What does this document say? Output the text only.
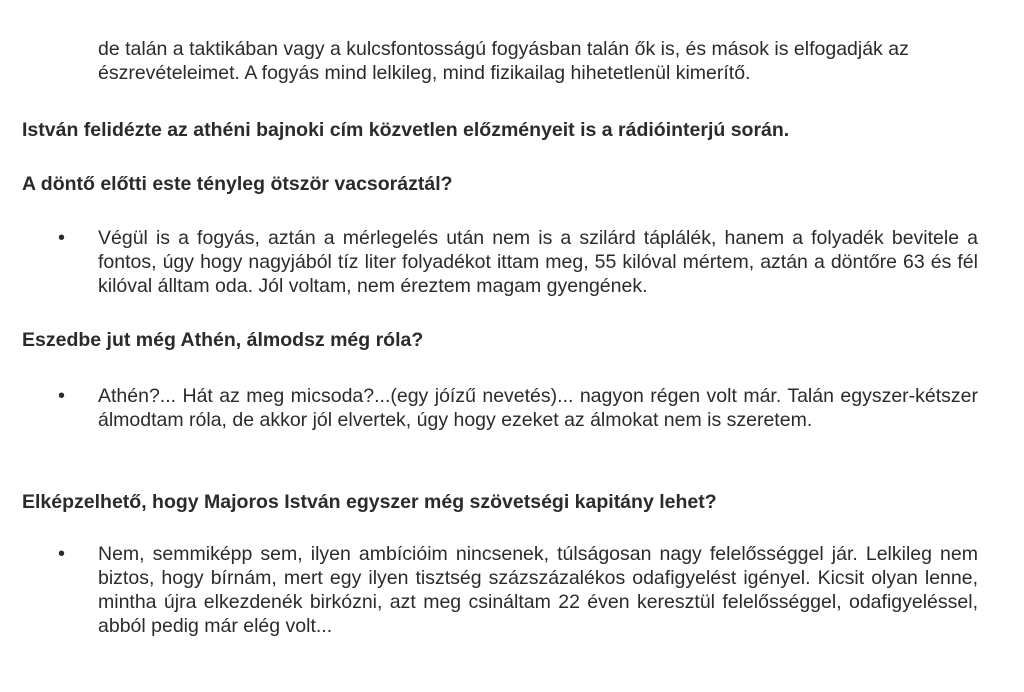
de talán a taktikában vagy a kulcsfontosságú fogyásban talán ők is, és mások is elfogadják az észrevételeimet. A fogyás mind lelkileg, mind fizikailag hihetetlenül kimerítő.
István felidézte az athéni bajnoki cím közvetlen előzményeit is a rádióinterjú során.
A döntő előtti este tényleg ötször vacsoráztál?
• Végül is a fogyás, aztán a mérlegelés után nem is a szilárd táplálék, hanem a folyadék bevitele a fontos, úgy hogy nagyjából tíz liter folyadékot ittam meg, 55 kilóval mértem, aztán a döntőre 63 és fél kilóval álltam oda. Jól voltam, nem éreztem magam gyengének.
Eszedbe jut még Athén, álmodsz még róla?
• Athén?... Hát az meg micsoda?...(egy jóízű nevetés)... nagyon régen volt már. Talán egyszer-kétszer álmodtam róla, de akkor jól elvertek, úgy hogy ezeket az álmokat nem is szeretem.
Elképzelhető, hogy Majoros István egyszer még szövetségi kapitány lehet?
• Nem, semmiképp sem, ilyen ambícióim nincsenek, túlságosan nagy felelősséggel jár. Lelkileg nem biztos, hogy bírnám, mert egy ilyen tisztség százszázalékos odafigyelést igényel. Kicsit olyan lenne, mintha újra elkezdenék birkózni, azt meg csináltam 22 éven keresztül felelősséggel, odafigyeléssel, abból pedig már elég volt...
